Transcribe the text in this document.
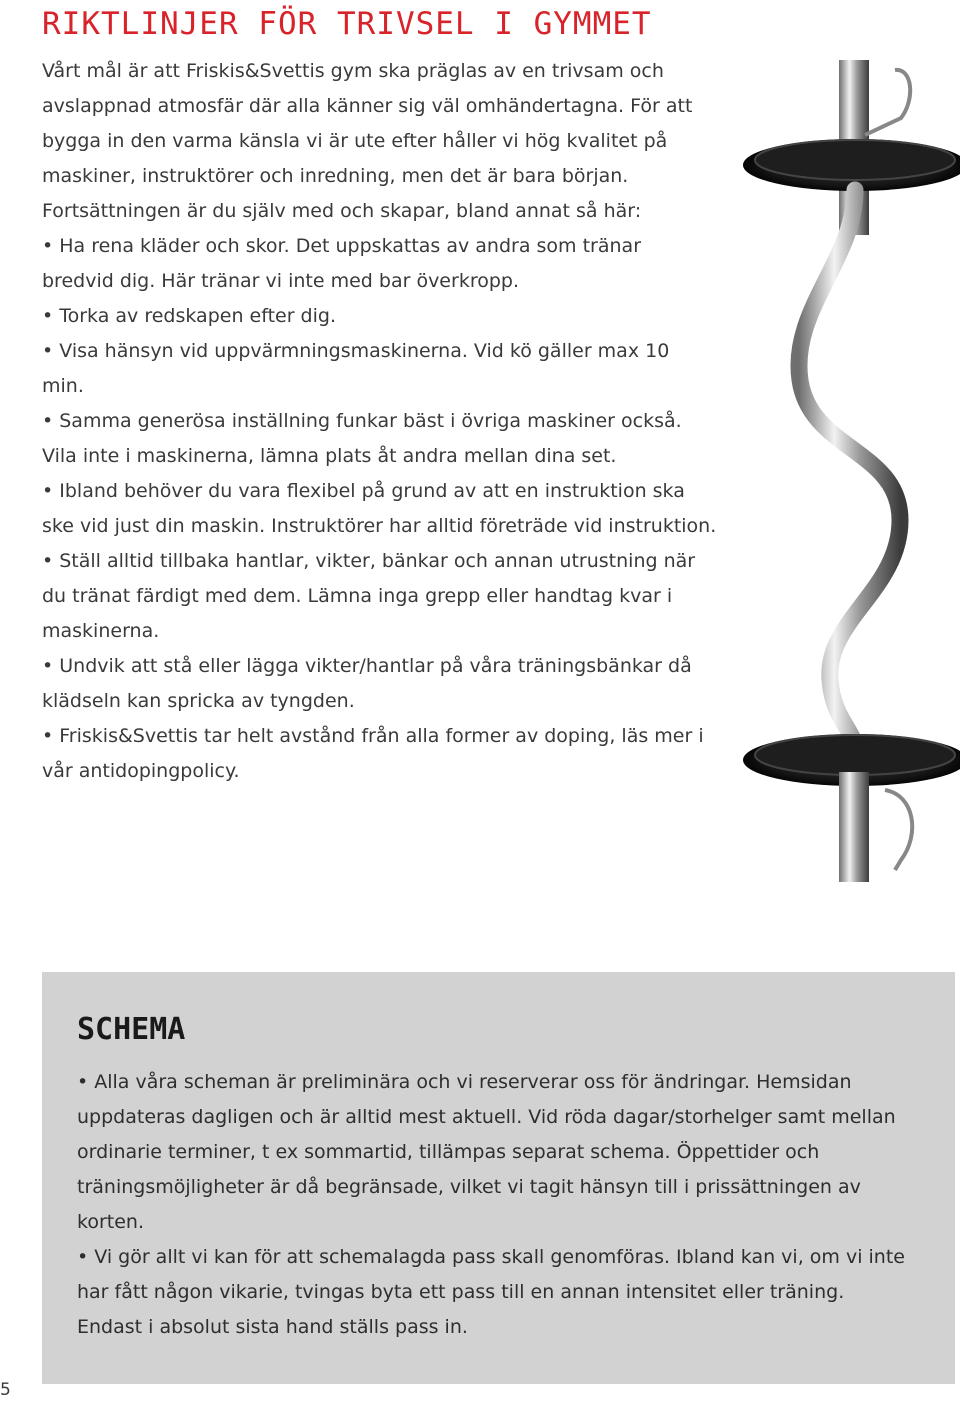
RIKTLINJER FÖR TRIVSEL I GYMMET

Vårt mål är att Friskis&Svettis gym ska präglas av en trivsam och avslappnad atmosfär där alla känner sig väl omhändertagna. För att bygga in den varma känsla vi är ute efter håller vi hög kvalitet på maskiner, instruktörer och inredning, men det är bara början. Fortsättningen är du själv med och skapar, bland annat så här:

• Ha rena kläder och skor. Det uppskattas av andra som tränar bredvid dig. Här tränar vi inte med bar överkropp.

• Torka av redskapen efter dig.

• Visa hänsyn vid uppvärmningsmaskinerna. Vid kö gäller max 10 min.

• Samma generösa inställning funkar bäst i övriga maskiner också. Vila inte i maskinerna, lämna plats åt andra mellan dina set.

• Ibland behöver du vara flexibel på grund av att en instruktion ska ske vid just din maskin. Instruktörer har alltid företräde vid instruktion.

• Ställ alltid tillbaka hantlar, vikter, bänkar och annan utrustning när du tränat färdigt med dem. Lämna inga grepp eller handtag kvar i maskinerna.

• Undvik att stå eller lägga vikter/hantlar på våra träningsbänkar då klädseln kan spricka av tyngden.

• Friskis&Svettis tar helt avstånd från alla former av doping, läs mer i vår antidopingpolicy.

SCHEMA

• Alla våra scheman är preliminära och vi reserverar oss för ändringar. Hemsidan uppdateras dagligen och är alltid mest aktuell. Vid röda dagar/storhelger samt mellan ordinarie terminer, t ex sommartid, tillämpas separat schema. Öppettider och träningsmöjligheter är då begränsade, vilket vi tagit hänsyn till i prissättningen av korten.

• Vi gör allt vi kan för att schemalagda pass skall genomföras. Ibland kan vi, om vi inte har fått någon vikarie, tvingas byta ett pass till en annan intensitet eller träning. Endast i absolut sista hand ställs pass in.

5
